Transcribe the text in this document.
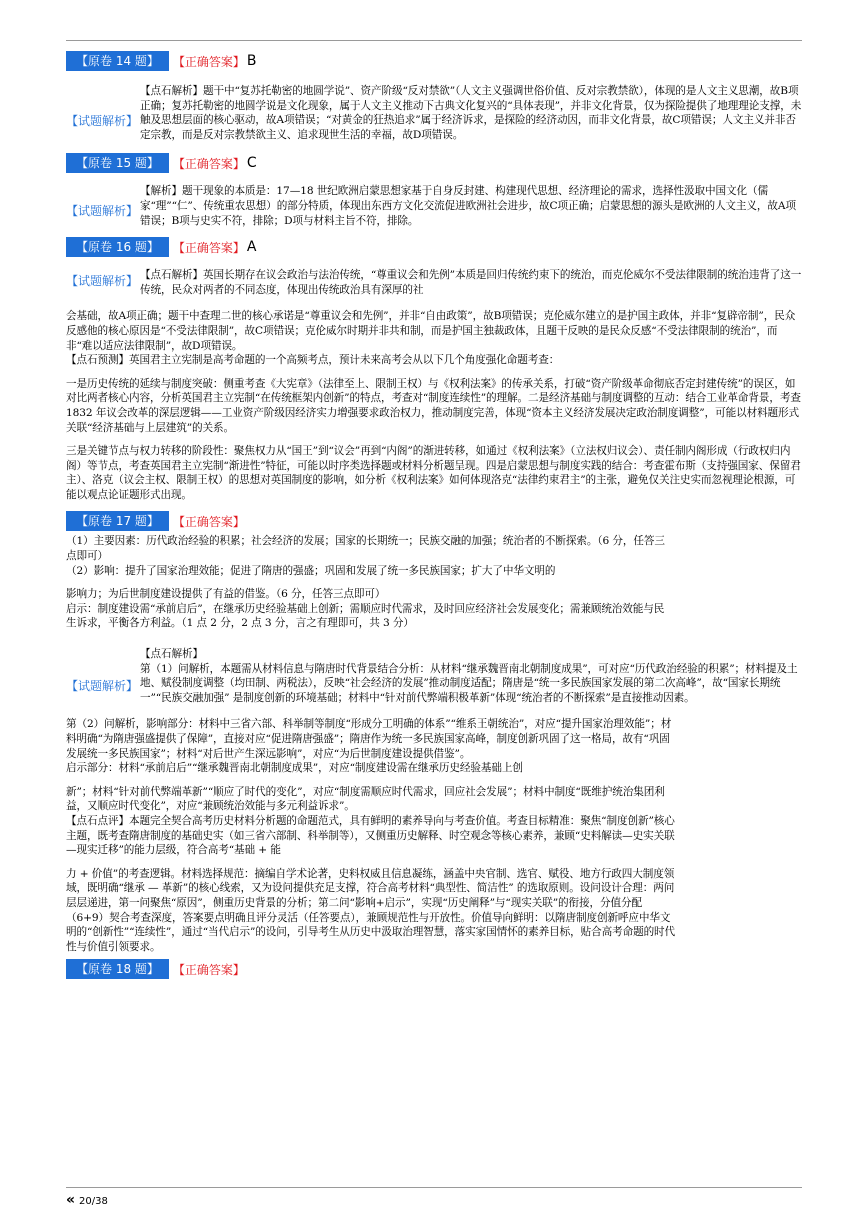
【原卷 14 题】	【正确答案】 B
【试题解析】

【点石解析】题干中“复苏托勒密的地圆学说”、资产阶级“反对禁欲”（人文主义强调世俗价值、反对宗教禁欲），体现的是人文主义思潮，故B项正确；复苏托勒密的地圆学说是文化现象，属于人文主义推动下古典文化复兴的“具体表现”，并非文化背景，仅为探险提供了地理理论支撑，未触及思想层面的核心驱动，故A项错误；“对黄金的狂热追求”属于经济诉求，是探险的经济动因，而非文化背景，故C项错误；人文主义并非否定宗教，而是反对宗教禁欲主义、追求现世生活的幸福，故D项错误。

【原卷 15 题】	【正确答案】 C
【试题解析】

【解析】题干现象的本质是：17—18 世纪欧洲启蒙思想家基于自身反封建、构建现代思想、经济理论的需求，选择性汲取中国文化（儒家“理”“仁”、传统重农思想）的部分特质，体现出东西方文化交流促进欧洲社会进步，故C项正确；启蒙思想的源头是欧洲的人文主义，故A项错误；B项与史实不符，排除；D项与材料主旨不符，排除。

【原卷 16 题】	【正确答案】 A
【试题解析】 【点石解析】英国长期存在议会政治与法治传统，“尊重议会和先例”本质是回归传统约束下的统治，而克伦威尔不受法律限制的统治违背了这一传统，民众对两者的不同态度，体现出传统政治具有深厚的社

会基础，故A项正确；题干中查理二世的核心承诺是“尊重议会和先例”，并非“自由政策”，故B项错误；克伦威尔建立的是护国主政体，并非“复辟帝制”，民众反感他的核心原因是“不受法律限制”，故C项错误；克伦威尔时期并非共和制，而是护国主独裁政体，且题干反映的是民众反感“不受法律限制的统治”，而非“难以适应法律限制”，故D项错误。

【点石预测】英国君主立宪制是高考命题的一个高频考点，预计未来高考会从以下几个角度强化命题考查：

一是历史传统的延续与制度突破：侧重考查《大宪章》（法律至上、限制王权）与《权利法案》的传承关系，打破“资产阶级革命彻底否定封建传统”的误区，如对比两者核心内容，分析英国君主立宪制“在传统框架内创新”的特点，考查对“制度连续性”的理解。二是经济基础与制度调整的互动：结合工业革命背景，考查 1832 年议会改革的深层逻辑——工业资产阶级因经济实力增强要求政治权力，推动制度完善，体现“资本主义经济发展决定政治制度调整”，可能以材料题形式关联“经济基础与上层建筑”的关系。

三是关键节点与权力转移的阶段性：聚焦权力从“国王”到“议会”再到“内阁”的渐进转移，如通过《权利法案》（立法权归议会）、责任制内阁形成（行政权归内阁）等节点，考查英国君主立宪制“渐进性”特征，可能以时序类选择题或材料分析题呈现。四是启蒙思想与制度实践的结合：考查霍布斯（支持强国家、保留君主）、洛克（议会主权、限制王权）的思想对英国制度的影响，如分析《权利法案》如何体现洛克“法律约束君主”的主张，避免仅关注史实而忽视理论根源，可能以观点论证题形式出现。

【原卷 17 题】	【正确答案】

（1）主要因素：历代政治经验的积累；社会经济的发展；国家的长期统一；民族交融的加强；统治者的不断探索。（6 分，任答三点即可）

（2）影响：提升了国家治理效能；促进了隋唐的强盛；巩固和发展了统一多民族国家；扩大了中华文明的

影响力；为后世制度建设提供了有益的借鉴。（6 分，任答三点即可）

启示：制度建设需“承前启后”，在继承历史经验基础上创新；需顺应时代需求，及时回应经济社会发展变化；需兼顾统治效能与民生诉求，平衡各方利益。（1 点 2 分，2 点 3 分，言之有理即可，共 3 分）

【试题解析】

【点石解析】

第（1）问解析，本题需从材料信息与隋唐时代背景结合分析：从材料“继承魏晋南北朝制度成果”，可对应“历代政治经验的积累”；材料提及土地、赋役制度调整（均田制、两税法），反映“社会经济的发展”推动制度适配；隋唐是“统一多民族国家发展的第二次高峰”，故“国家长期统一”“民族交融加强” 是制度创新的环境基础；材料中“针对前代弊端积极革新”体现“统治者的不断探索”是直接推动因素。

第（2）问解析，影响部分：材料中三省六部、科举制等制度“形成分工明确的体系”“维系王朝统治”，对应“提升国家治理效能”；材料明确“为隋唐强盛提供了保障”，直接对应“促进隋唐强盛”；隋唐作为统一多民族国家高峰，制度创新巩固了这一格局，故有“巩固发展统一多民族国家”；材料“对后世产生深远影响”，对应“为后世制度建设提供借鉴”。

启示部分：材料“承前启后”“继承魏晋南北朝制度成果”，对应“制度建设需在继承历史经验基础上创

新”；材料“针对前代弊端革新”“顺应了时代的变化”，对应“制度需顺应时代需求，回应社会发展”；材料中制度“既维护统治集团利益，又顺应时代变化”，对应“兼顾统治效能与多元利益诉求”。

【点石点评】本题完全契合高考历史材料分析题的命题范式，具有鲜明的素养导向与考查价值。考查目标精准：聚焦“制度创新”核心主题，既考查隋唐制度的基础史实（如三省六部制、科举制等），又侧重历史解释、时空观念等核心素养，兼顾“史料解读—史实关联—现实迁移”的能力层级，符合高考“基础 + 能

力 + 价值”的考查逻辑。材料选择规范：摘编自学术论著，史料权威且信息凝练，涵盖中央官制、选官、赋役、地方行政四大制度领域，既明确“继承 — 革新”的核心线索，又为设问提供充足支撑，符合高考材料“典型性、简洁性” 的选取原则。设问设计合理：两问层层递进，第一问聚焦“原因”，侧重历史背景的分析；第二问“影响+启示”，实现“历史阐释”与“现实关联”的衔接，分值分配（6+9）契合考查深度，答案要点明确且评分灵活（任答要点），兼顾规范性与开放性。价值导向鲜明：以隋唐制度创新呼应中华文明的“创新性”“连续性”，通过“当代启示”的设问，引导考生从历史中汲取治理智慧，落实家国情怀的素养目标，贴合高考命题的时代性与价值引领要求。

【原卷 18 题】	【正确答案】
« 20/38
